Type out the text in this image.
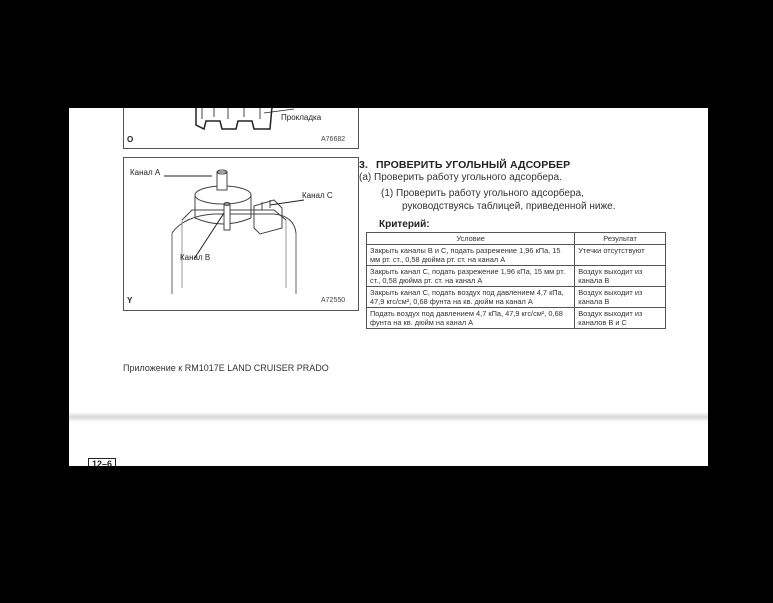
Прокладка
O	A76682
Канал A
Канал C
Канал B
Y	A72550
3. ПРОВЕРИТЬ УГОЛЬНЫЙ АДСОРБЕР
(a) Проверить работу угольного адсорбера.
(1) Проверить работу угольного адсорбера,
руководствуясь таблицей, приведенной ниже.
Критерий:
Условие	Результат
Закрыть каналы B и C, подать разрежение 1,96 кПа, 15 мм рт. ст., 0,58 дюйма рт. ст. на канал A	Утечки отсутствуют
Закрыть канал C, подать разрежение 1,96 кПа, 15 мм рт. ст., 0,58 дюйма рт. ст. на канал A	Воздух выходит из канала B
Закрыть канал C, подать воздух под давлением 4,7 кПа, 47,9 кгс/см², 0,68 фунта на кв. дюйм на канал A	Воздух выходит из канала B
Подать воздух под давлением 4,7 кПа, 47,9 кгс/см², 0,68 фунта на кв. дюйм на канал A	Воздух выходит из каналов B и C
Приложение к RM1017E LAND CRUISER PRADO
12–6
